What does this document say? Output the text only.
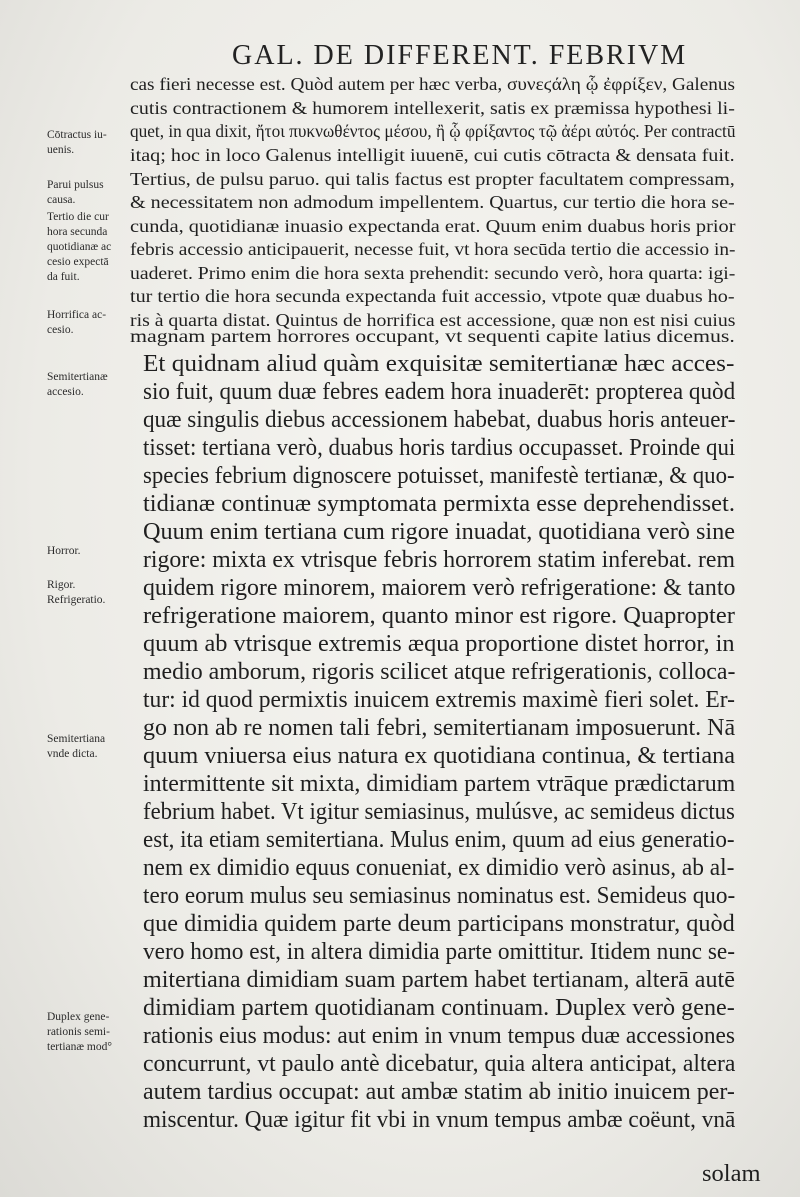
GAL. DE DIFFERENT. FEBRIVM
cas fieri necesse est. Quòd autem per hæc verba, συνεϛάλη ᾧ ἐφρίξεν, Galenus
cutis contractionem & humorem intellexerit, satis ex præmissa hypothesi li-
quet, in qua dixit, ἤτοι πυκνωθέντος μέσου, ἢ ᾧ φρίξαντος τῷ ἀέρι αὐτός. Per contractū
itaq; hoc in loco Galenus intelligit iuuenē, cui cutis cōtracta & densata fuit.
Tertius, de pulsu paruo. qui talis factus est propter facultatem compressam,
& necessitatem non admodum impellentem. Quartus, cur tertio die hora se-
cunda, quotidianæ inuasio expectanda erat. Quum enim duabus horis prior
febris accessio anticipauerit, necesse fuit, vt hora secūda tertio die accessio in-
uaderet. Primo enim die hora sexta prehendit: secundo verò, hora quarta: igi-
tur tertio die hora secunda expectanda fuit accessio, vtpote quæ duabus ho-
ris à quarta distat. Quintus de horrifica est accessione, quæ non est nisi cuius
magnam partem horrores occupant, vt sequenti capite latius dicemus.
Et quidnam aliud quàm exquisitæ semitertianæ hæc acces-
sio fuit, quum duæ febres eadem hora inuaderēt: propterea quòd
quæ singulis diebus accessionem habebat, duabus horis anteuer-
tisset: tertiana verò, duabus horis tardius occupasset. Proinde qui
species febrium dignoscere potuisset, manifestè tertianæ, & quo-
tidianæ continuæ symptomata permixta esse deprehendisset.
Quum enim tertiana cum rigore inuadat, quotidiana verò sine
rigore: mixta ex vtrisque febris horrorem statim inferebat. rem
quidem rigore minorem, maiorem verò refrigeratione: & tanto
refrigeratione maiorem, quanto minor est rigore. Quapropter
quum ab vtrisque extremis æqua proportione distet horror, in
medio amborum, rigoris scilicet atque refrigerationis, colloca-
tur: id quod permixtis inuicem extremis maximè fieri solet. Er-
go non ab re nomen tali febri, semitertianam imposuerunt. Nā
quum vniuersa eius natura ex quotidiana continua, & tertiana
intermittente sit mixta, dimidiam partem vtrāque prædictarum
febrium habet. Vt igitur semiasinus, mulúsve, ac semideus dictus
est, ita etiam semitertiana. Mulus enim, quum ad eius generatio-
nem ex dimidio equus conueniat, ex dimidio verò asinus, ab al-
tero eorum mulus seu semiasinus nominatus est. Semideus quo-
que dimidia quidem parte deum participans monstratur, quòd
vero homo est, in altera dimidia parte omittitur. Itidem nunc se-
mitertiana dimidiam suam partem habet tertianam, alterā autē
dimidiam partem quotidianam continuam. Duplex verò gene-
rationis eius modus: aut enim in vnum tempus duæ accessiones
concurrunt, vt paulo antè dicebatur, quia altera anticipat, altera
autem tardius occupat: aut ambæ statim ab initio inuicem per-
miscentur. Quæ igitur fit vbi in vnum tempus ambæ coëunt, vnā
solam
Cōtractus iu-
uenis.
Parui pulsus
causa.
Tertio die cur
hora secunda
quotidianæ ac
cesio expectā
da fuit.
Horrifica ac-
cesio.
Semitertianæ
accesio.
Horror.
Rigor.
Refrigeratio.
Semitertiana
vnde dicta.
Duplex gene-
rationis semi-
tertianæ mod°
